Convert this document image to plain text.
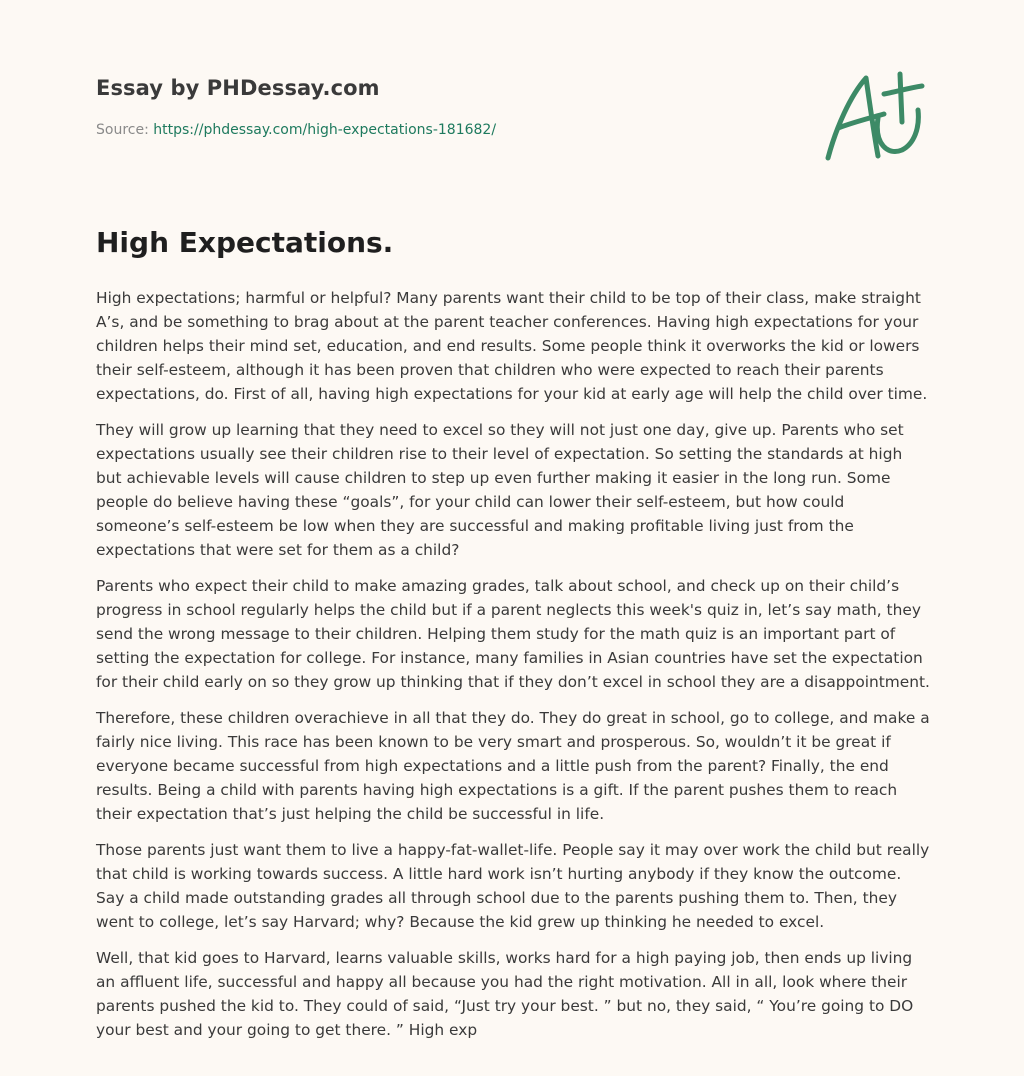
Essay by PHDessay.com
Source: https://phdessay.com/high-expectations-181682/
High Expectations.

High expectations; harmful or helpful? Many parents want their child to be top of their class, make straight A’s, and be something to brag about at the parent teacher conferences. Having high expectations for your children helps their mind set, education, and end results. Some people think it overworks the kid or lowers their self-esteem, although it has been proven that children who were expected to reach their parents expectations, do. First of all, having high expectations for your kid at early age will help the child over time.

They will grow up learning that they need to excel so they will not just one day, give up. Parents who set expectations usually see their children rise to their level of expectation. So setting the standards at high but achievable levels will cause children to step up even further making it easier in the long run. Some people do believe having these “goals”, for your child can lower their self-esteem, but how could someone’s self-esteem be low when they are successful and making profitable living just from the expectations that were set for them as a child?

Parents who expect their child to make amazing grades, talk about school, and check up on their child’s progress in school regularly helps the child but if a parent neglects this week's quiz in, let’s say math, they send the wrong message to their children. Helping them study for the math quiz is an important part of setting the expectation for college. For instance, many families in Asian countries have set the expectation for their child early on so they grow up thinking that if they don’t excel in school they are a disappointment.

Therefore, these children overachieve in all that they do. They do great in school, go to college, and make a fairly nice living. This race has been known to be very smart and prosperous. So, wouldn’t it be great if everyone became successful from high expectations and a little push from the parent? Finally, the end results. Being a child with parents having high expectations is a gift. If the parent pushes them to reach their expectation that’s just helping the child be successful in life.

Those parents just want them to live a happy-fat-wallet-life. People say it may over work the child but really that child is working towards success. A little hard work isn’t hurting anybody if they know the outcome. Say a child made outstanding grades all through school due to the parents pushing them to. Then, they went to college, let’s say Harvard; why? Because the kid grew up thinking he needed to excel.

Well, that kid goes to Harvard, learns valuable skills, works hard for a high paying job, then ends up living an affluent life, successful and happy all because you had the right motivation. All in all, look where their parents pushed the kid to. They could of said, “Just try your best. ” but no, they said, “ You’re going to DO your best and your going to get there. ” High exp
